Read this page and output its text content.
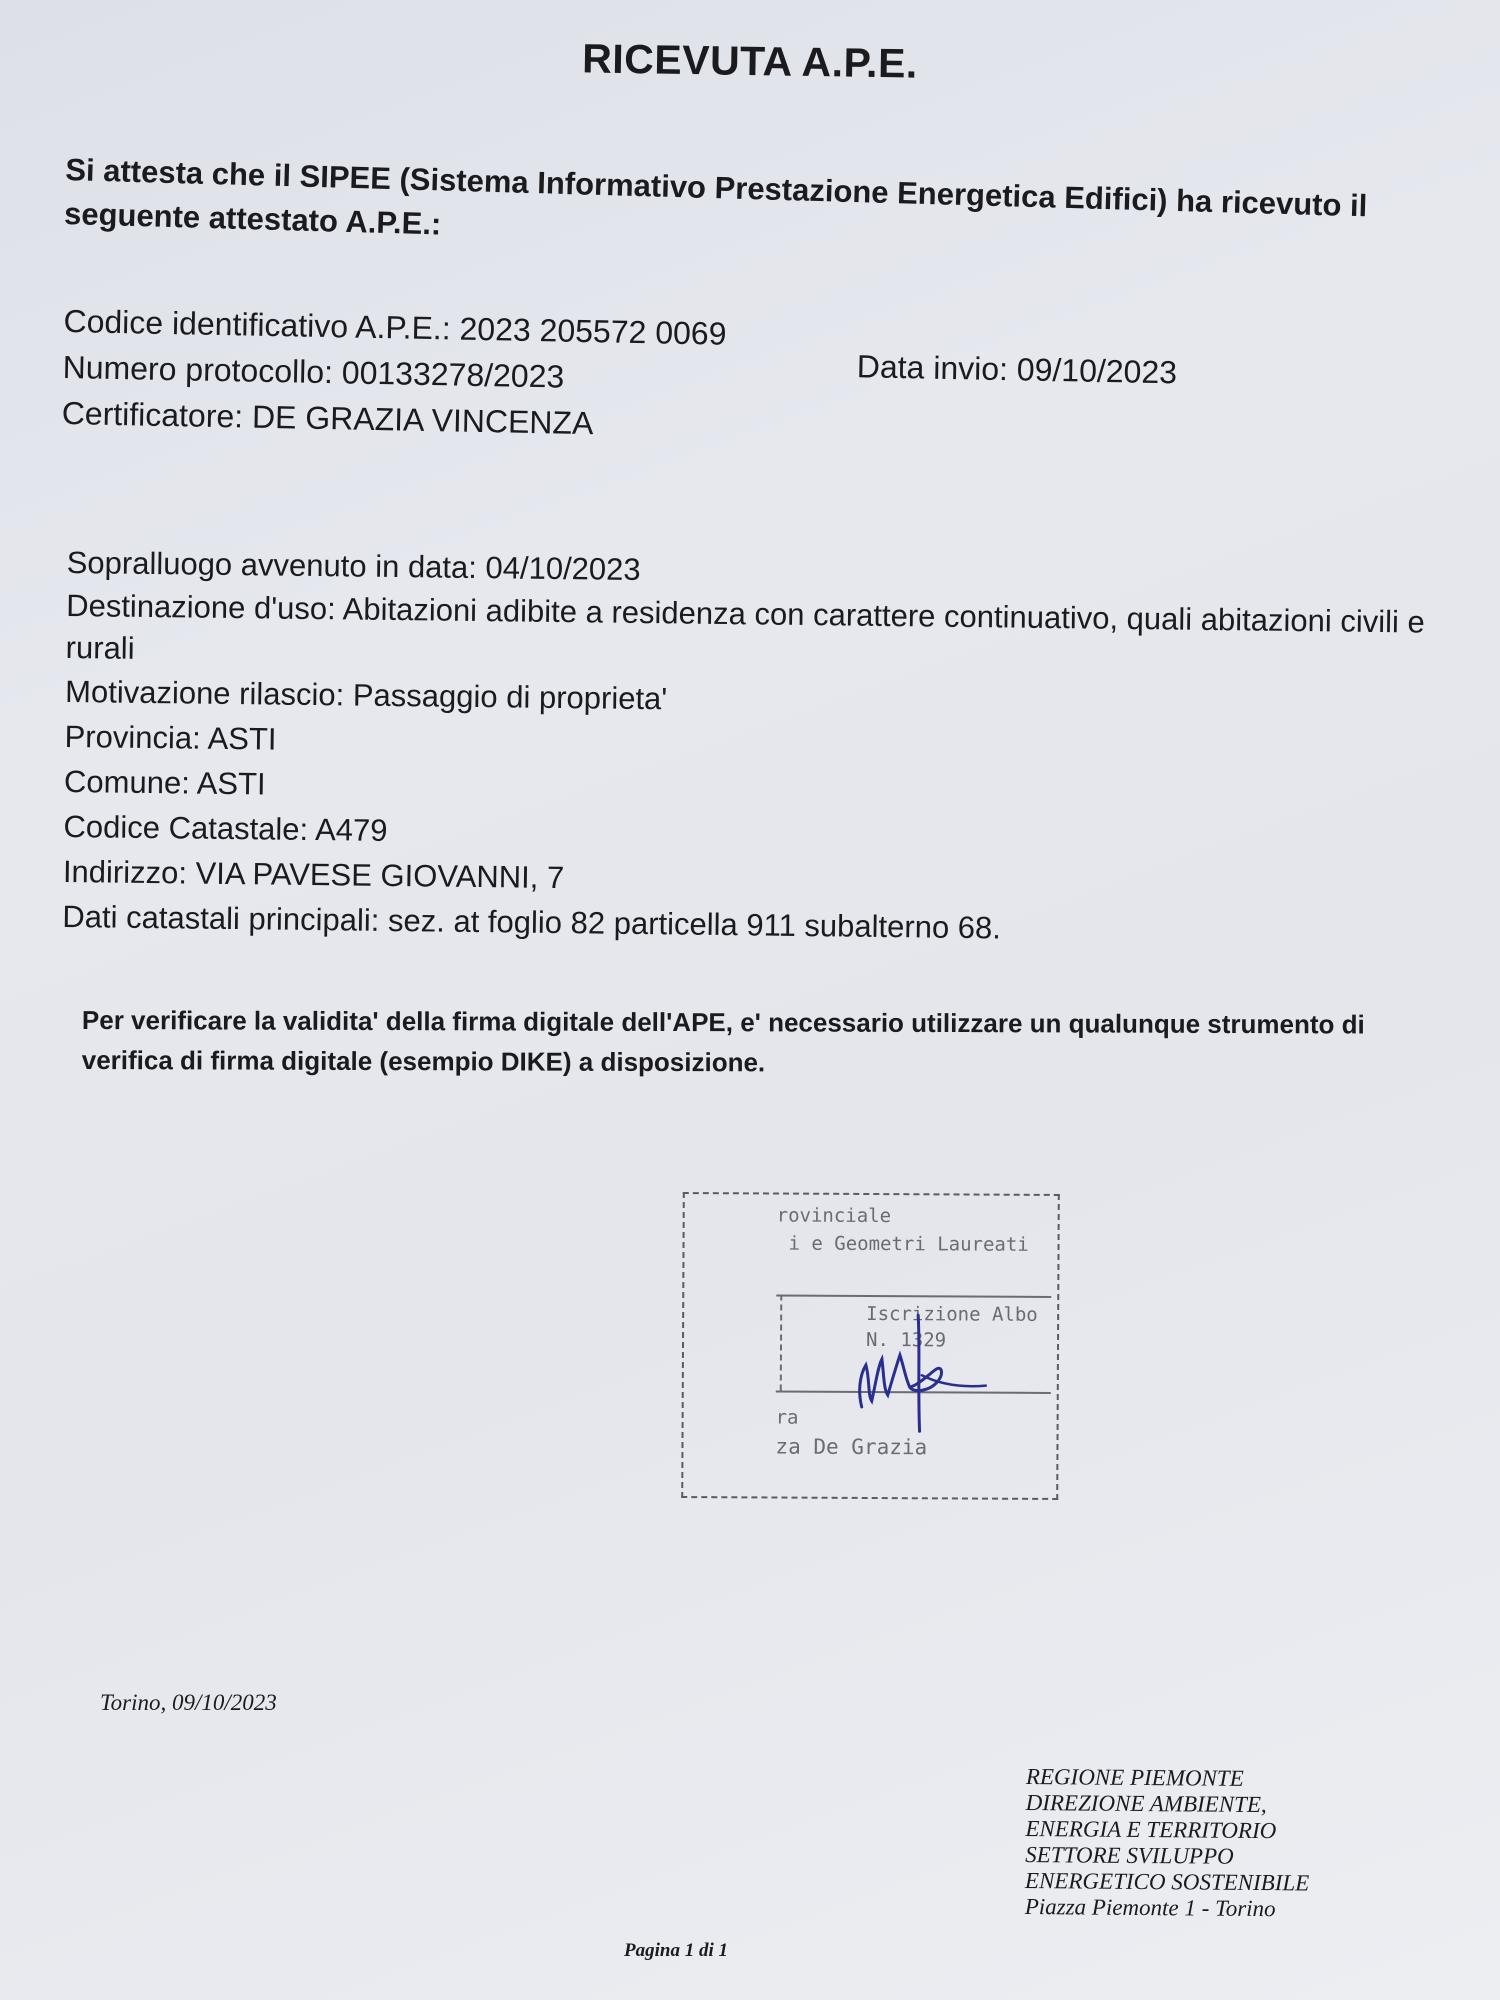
RICEVUTA A.P.E.
Si attesta che il SIPEE (Sistema Informativo Prestazione Energetica Edifici) ha ricevuto il seguente attestato A.P.E.:
Codice identificativo A.P.E.: 2023 205572 0069
Data invio: 09/10/2023
Numero protocollo: 00133278/2023
Certificatore: DE GRAZIA VINCENZA
Sopralluogo avvenuto in data: 04/10/2023
Destinazione d'uso: Abitazioni adibite a residenza con carattere continuativo, quali abitazioni civili e rurali
Motivazione rilascio: Passaggio di proprieta'
Provincia: ASTI
Comune: ASTI
Codice Catastale: A479
Indirizzo: VIA PAVESE GIOVANNI, 7
Dati catastali principali: sez. at foglio 82 particella 911 subalterno 68.
Per verificare la validita' della firma digitale dell'APE, e' necessario utilizzare un qualunque strumento di verifica di firma digitale (esempio DIKE) a disposizione.
rovinciale
i e Geometri Laureati
Iscrizione Albo
N. 1329
ra
za De Grazia
Torino, 09/10/2023
REGIONE PIEMONTE
DIREZIONE AMBIENTE,
ENERGIA E TERRITORIO
SETTORE SVILUPPO
ENERGETICO SOSTENIBILE
Piazza Piemonte 1 - Torino
Pagina 1 di 1
